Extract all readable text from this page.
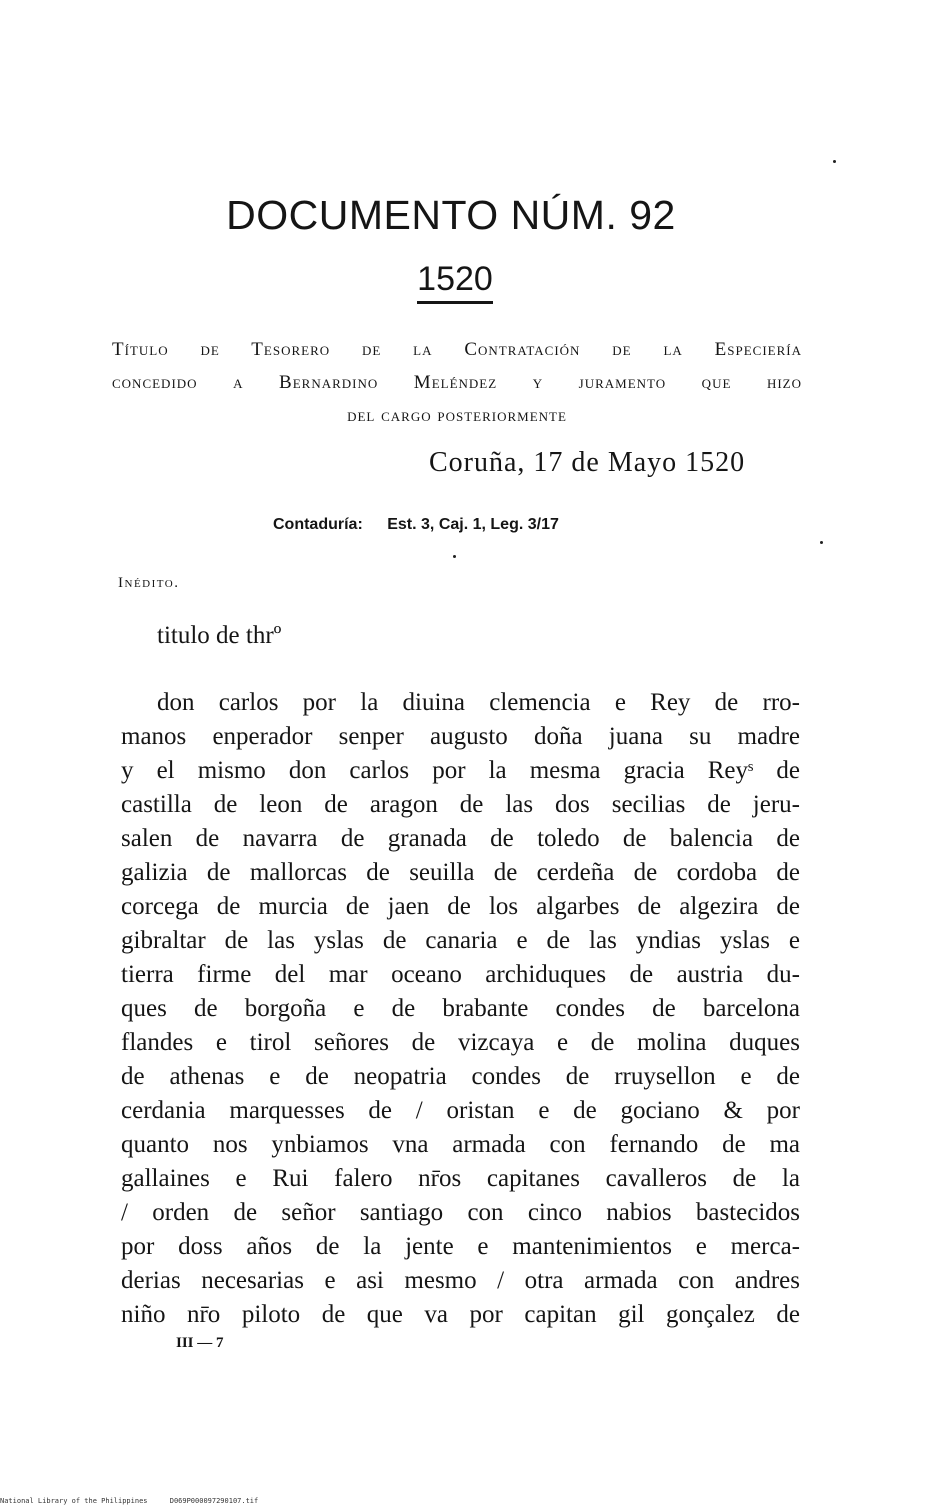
DOCUMENTO NÚM. 92
1520
Título de Tesorero de la Contratación de la Especiería
concedido a Bernardino Meléndez y juramento que hizo
del cargo posteriormente
Coruña, 17 de Mayo 1520
Contaduría: Est. 3, Caj. 1, Leg. 3/17
Inédito.
titulo de thrº
don carlos por la diuina clemencia e Rey de rro-
manos enperador senper augusto doña juana su madre
y el mismo don carlos por la mesma gracia Reyˢ de
castilla de leon de aragon de las dos secilias de jeru-
salen de navarra de granada de toledo de balencia de
galizia de mallorcas de seuilla de cerdeña de cordoba de
corcega de murcia de jaen de los algarbes de algezira de
gibraltar de las yslas de canaria e de las yndias yslas e
tierra firme del mar oceano archiduques de austria du-
ques de borgoña e de brabante condes de barcelona
flandes e tirol señores de vizcaya e de molina duques
de athenas e de neopatria condes de rruysellon e de
cerdania marquesses de / oristan e de gociano & por
quanto nos ynbiamos vna armada con fernando de ma
gallaines e Rui falero nr̄os capitanes cavalleros de la
/ orden de señor santiago con cinco nabios bastecidos
por doss años de la jente e mantenimientos e merca-
derias necesarias e asi mesmo / otra armada con andres
niño nr̄o piloto de que va por capitan gil gonçalez de
III — 7
National Library of the Philippines	D069P000097290107.tif
